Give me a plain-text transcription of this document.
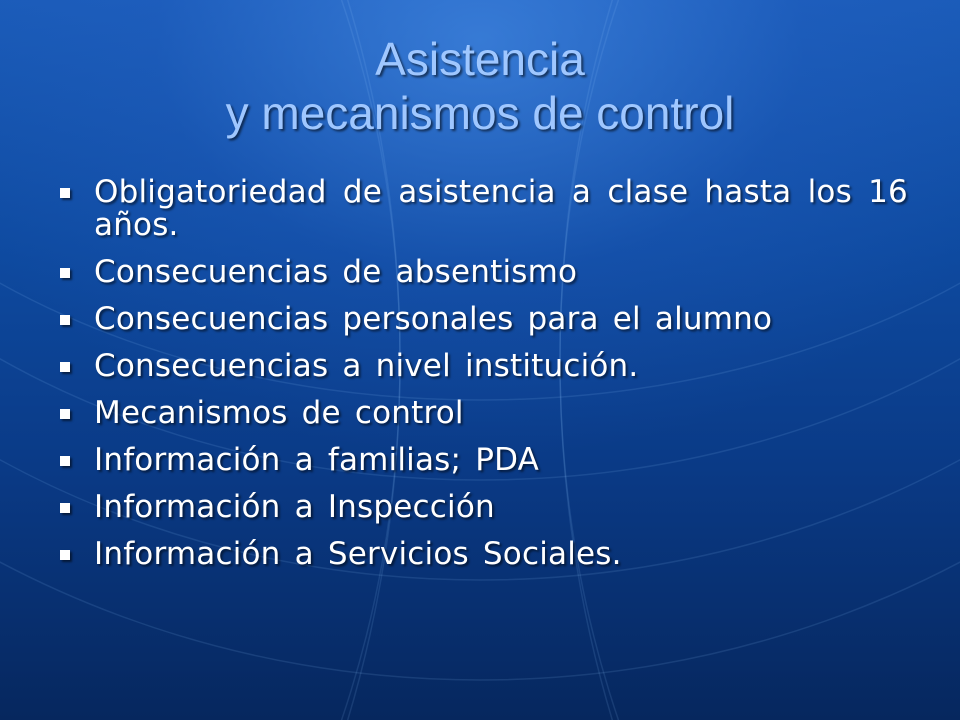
Asistencia
y mecanismos de control
Obligatoriedad de asistencia a clase hasta los 16 años.
Consecuencias de absentismo
Consecuencias personales para el alumno
Consecuencias a nivel institución.
Mecanismos de control
Información a familias; PDA
Información a Inspección
Información a Servicios Sociales.
